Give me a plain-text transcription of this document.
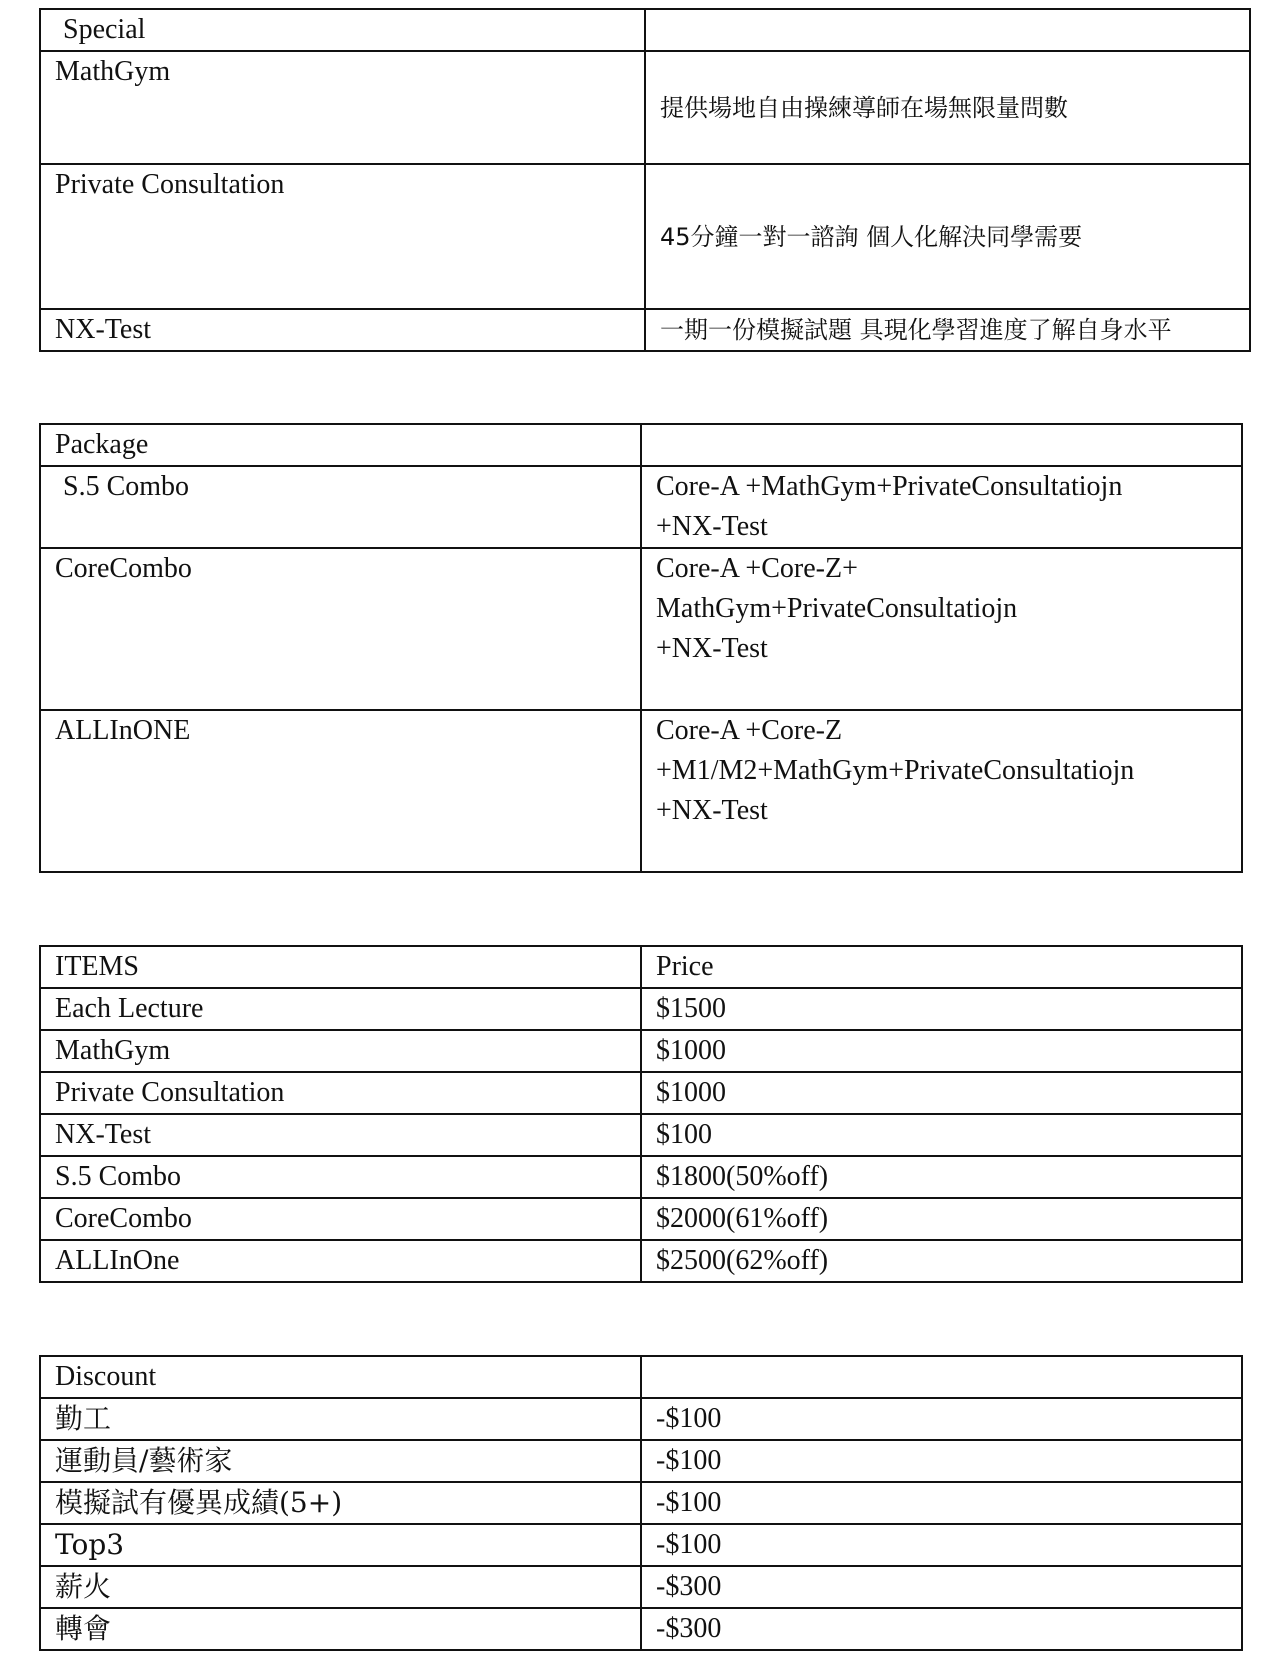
Special	
MathGym	提供場地自由操練導師在場無限量問數
Private Consultation	45分鐘一對一諮詢 個人化解決同學需要
NX-Test	一期一份模擬試題 具現化學習進度了解自身水平
Package	
S.5 Combo	Core-A +MathGym+PrivateConsultatiojn
+NX-Test

CoreCombo	Core-A +Core-Z+
MathGym+PrivateConsultatiojn
+NX-Test

ALLInONE	Core-A +Core-Z
+M1/M2+MathGym+PrivateConsultatiojn
+NX-Test
ITEMS	Price
Each Lecture	$1500
MathGym	$1000
Private Consultation	$1000
NX-Test	$100
S.5 Combo	$1800(50%off)
CoreCombo	$2000(61%off)
ALLInOne	$2500(62%off)
Discount	
勤工	-$100
運動員/藝術家	-$100
模擬試有優異成績(5+)	-$100
Top3	-$100
薪火	-$300
轉會	-$300
